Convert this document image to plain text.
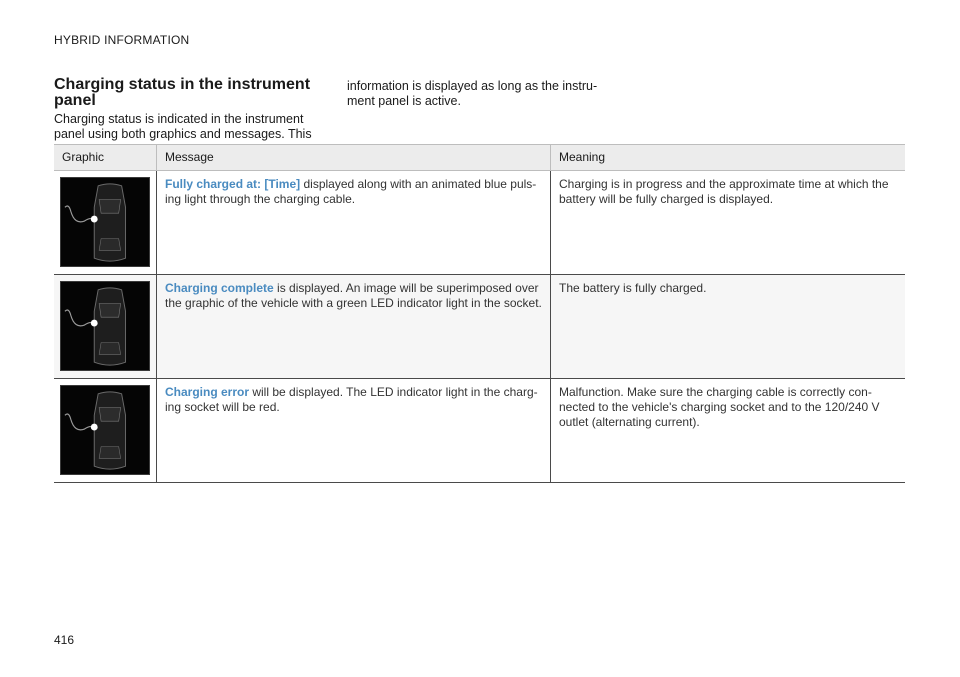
HYBRID INFORMATION
Charging status in the instrument panel

Charging status is indicated in the instrument panel using both graphics and messages. This

information is displayed as long as the instru-ment panel is active.

Graphic	Message	Meaning
Fully charged at: [Time] displayed along with an animated blue puls-ing light through the charging cable.
Charging is in progress and the approximate time at which the battery will be fully charged is displayed.
Charging complete is displayed. An image will be superimposed over the graphic of the vehicle with a green LED indicator light in the socket.
The battery is fully charged.
Charging error will be displayed. The LED indicator light in the charg-ing socket will be red.
Malfunction. Make sure the charging cable is correctly con-nected to the vehicle's charging socket and to the 120/240 V outlet (alternating current).
416
